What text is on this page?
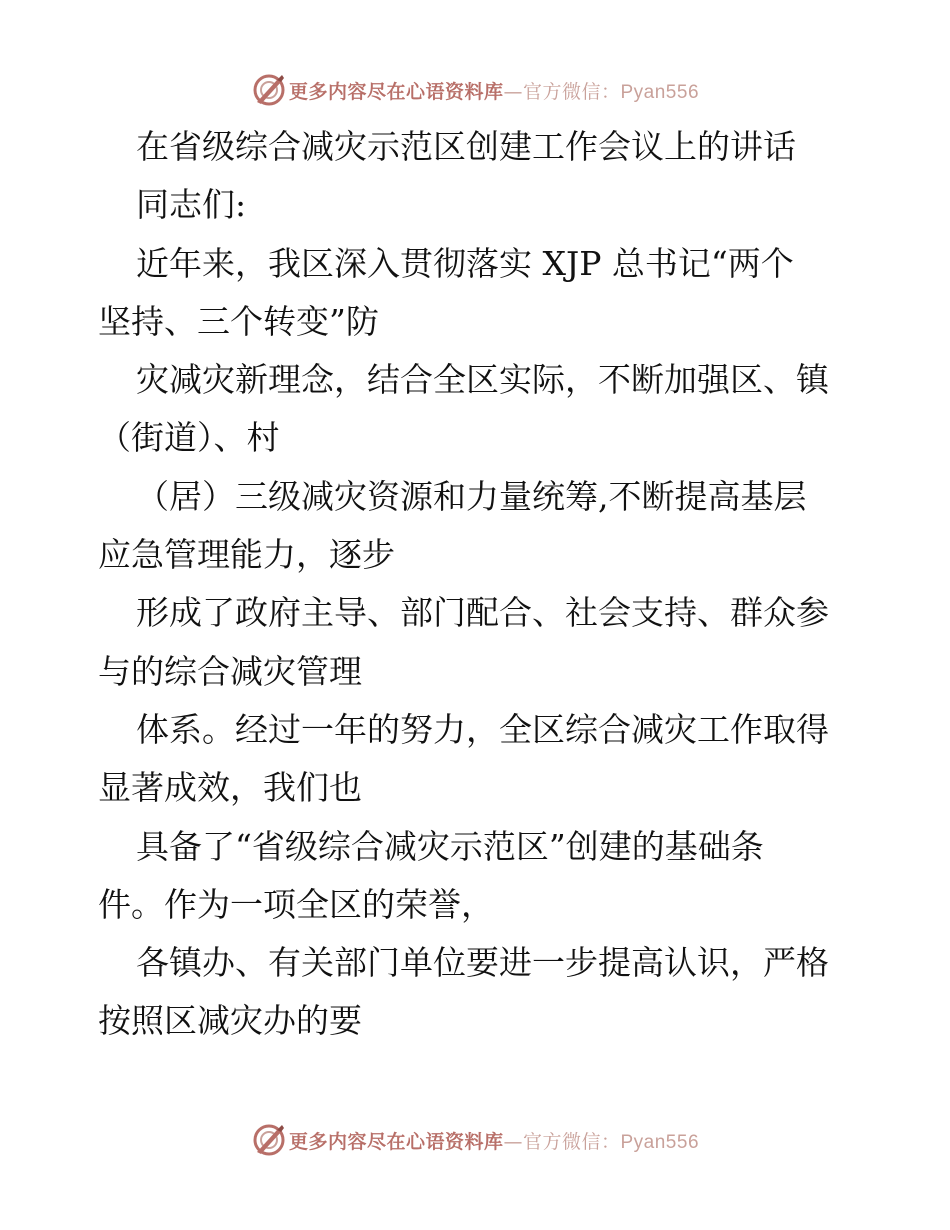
更多内容尽在心语资料库—官方微信：Pyan556
在省级综合减灾示范区创建工作会议上的讲话
同志们:
近年来，我区深入贯彻落实 XJP 总书记“两个
坚持、三个转变”防
灾减灾新理念，结合全区实际，不断加强区、镇
（街道）、村
（居）三级减灾资源和力量统筹,不断提高基层
应急管理能力，逐步
形成了政府主导、部门配合、社会支持、群众参
与的综合减灾管理
体系。经过一年的努力，全区综合减灾工作取得
显著成效，我们也
具备了“省级综合减灾示范区”创建的基础条
件。作为一项全区的荣誉，
各镇办、有关部门单位要进一步提高认识，严格
按照区减灾办的要
更多内容尽在心语资料库—官方微信：Pyan556
